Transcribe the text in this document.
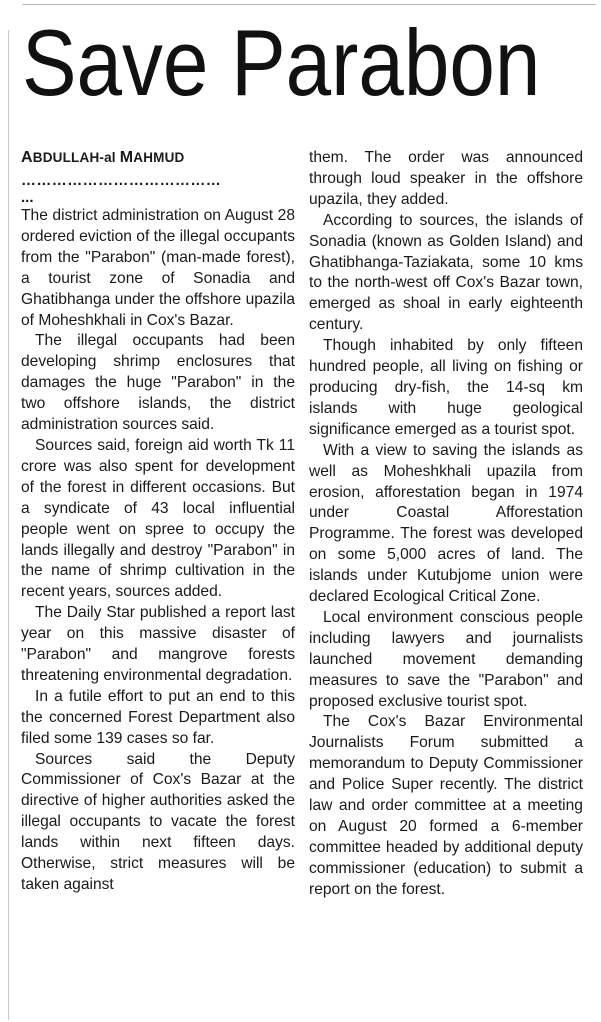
Save Parabon
ABDULLAH-al MAHMUD
…………………………………
...

The district administration on August 28 ordered eviction of the illegal occupants from the "Parabon" (man-made forest), a tourist zone of Sonadia and Ghatibhanga under the offshore upazila of Moheshkhali in Cox's Bazar.

The illegal occupants had been developing shrimp enclosures that damages the huge "Parabon" in the two offshore islands, the district administration sources said.

Sources said, foreign aid worth Tk 11 crore was also spent for development of the forest in different occasions. But a syndicate of 43 local influential people went on spree to occupy the lands illegally and destroy "Parabon" in the name of shrimp cultivation in the recent years, sources added.

The Daily Star published a report last year on this massive disaster of "Parabon" and mangrove forests threatening environmental degradation.

In a futile effort to put an end to this the concerned Forest Department also filed some 139 cases so far.

Sources said the Deputy Commissioner of Cox's Bazar at the directive of higher authorities asked the illegal occupants to vacate the forest lands within next fifteen days. Otherwise, strict measures will be taken against

them. The order was announced through loud speaker in the offshore upazila, they added.

According to sources, the islands of Sonadia (known as Golden Island) and Ghatibhanga-Taziakata, some 10 kms to the north-west off Cox's Bazar town, emerged as shoal in early eighteenth century.

Though inhabited by only fifteen hundred people, all living on fishing or producing dry-fish, the 14-sq km islands with huge geological significance emerged as a tourist spot.

With a view to saving the islands as well as Moheshkhali upazila from erosion, afforestation began in 1974 under Coastal Afforestation Programme. The forest was developed on some 5,000 acres of land. The islands under Kutubjome union were declared Ecological Critical Zone.

Local environment conscious people including lawyers and journalists launched movement demanding measures to save the "Parabon" and proposed exclusive tourist spot.

The Cox's Bazar Environmental Journalists Forum submitted a memorandum to Deputy Commissioner and Police Super recently. The district law and order committee at a meeting on August 20 formed a 6-member committee headed by additional deputy commissioner (education) to submit a report on the forest.
